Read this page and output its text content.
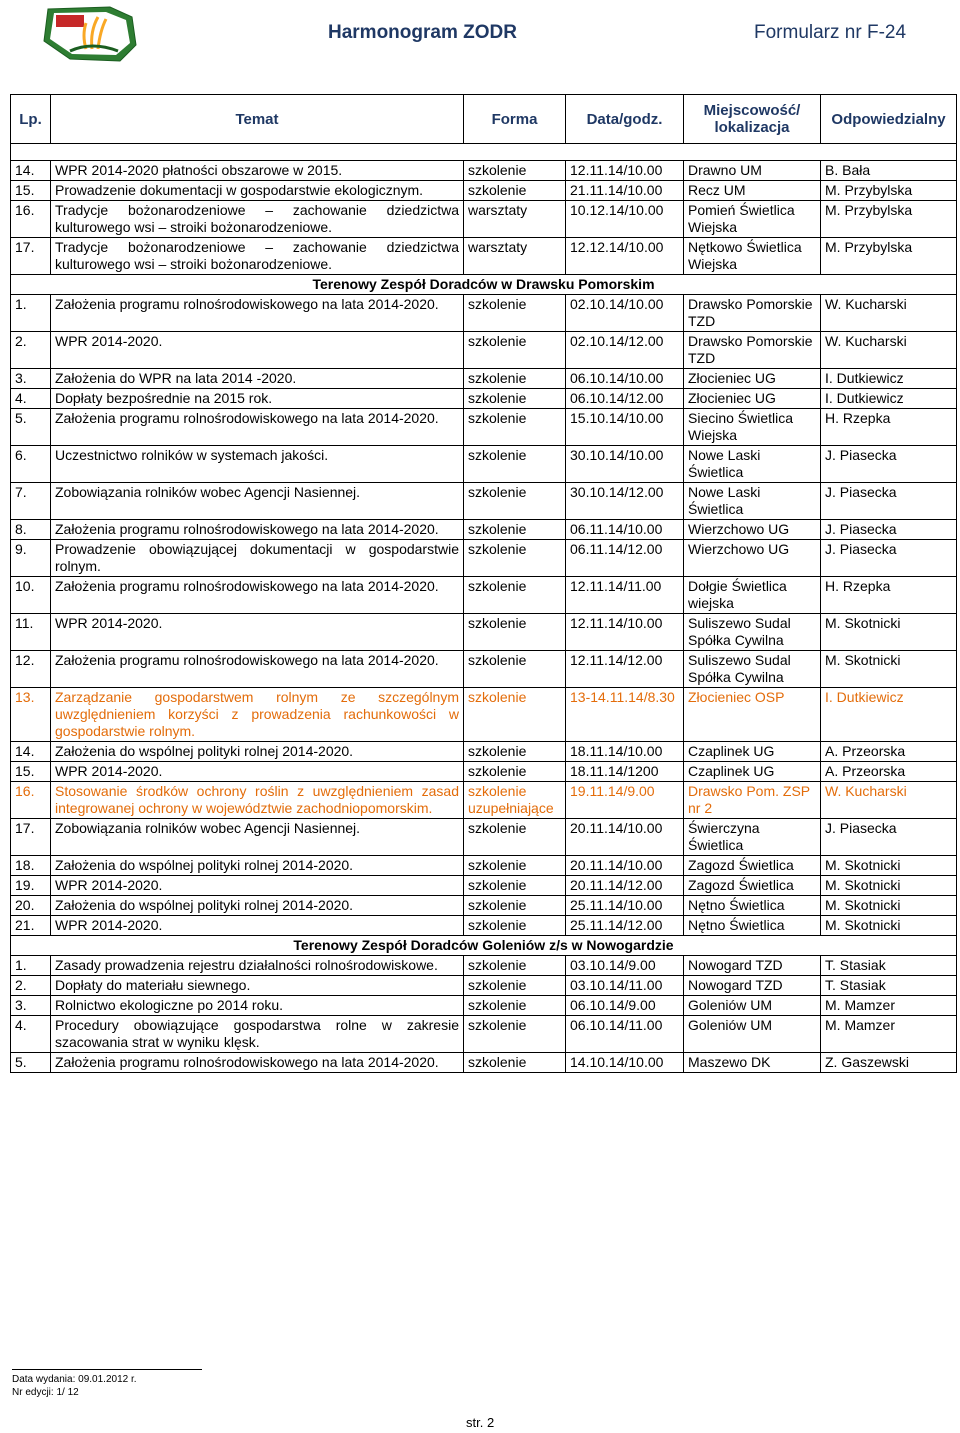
Harmonogram ZODR	Formularz nr F-24
Lp.	Temat	Forma	Data/godz.	Miejscowość/ lokalizacja	Odpowiedzialny

14.	WPR 2014-2020 płatności obszarowe w 2015.	szkolenie	12.11.14/10.00	Drawno UM	B. Bała
15.	Prowadzenie dokumentacji w gospodarstwie ekologicznym.	szkolenie	21.11.14/10.00	Recz UM	M. Przybylska
16.	Tradycje bożonarodzeniowe – zachowanie dziedzictwa kulturowego wsi – stroiki bożonarodzeniowe.	warsztaty	10.12.14/10.00	Pomień Świetlica Wiejska	M. Przybylska
17.	Tradycje bożonarodzeniowe – zachowanie dziedzictwa kulturowego wsi – stroiki bożonarodzeniowe.	warsztaty	12.12.14/10.00	Nętkowo Świetlica Wiejska	M. Przybylska
Terenowy Zespół Doradców w Drawsku Pomorskim					
1.	Założenia programu rolnośrodowiskowego na lata 2014-2020.	szkolenie	02.10.14/10.00	Drawsko Pomorskie TZD	W. Kucharski
2.	WPR 2014-2020.	szkolenie	02.10.14/12.00	Drawsko Pomorskie TZD	W. Kucharski
3.	Założenia do WPR na lata 2014 -2020.	szkolenie	06.10.14/10.00	Złocieniec UG	I. Dutkiewicz
4.	Dopłaty bezpośrednie na 2015 rok.	szkolenie	06.10.14/12.00	Złocieniec UG	I. Dutkiewicz
5.	Założenia programu rolnośrodowiskowego na lata 2014-2020.	szkolenie	15.10.14/10.00	Siecino Świetlica Wiejska	H. Rzepka
6.	Uczestnictwo rolników w systemach jakości.	szkolenie	30.10.14/10.00	Nowe Laski Świetlica	J. Piasecka
7.	Zobowiązania rolników wobec Agencji Nasiennej.	szkolenie	30.10.14/12.00	Nowe Laski Świetlica	J. Piasecka
8.	Założenia programu rolnośrodowiskowego na lata 2014-2020.	szkolenie	06.11.14/10.00	Wierzchowo UG	J. Piasecka
9.	Prowadzenie obowiązującej dokumentacji w gospodarstwie rolnym.	szkolenie	06.11.14/12.00	Wierzchowo UG	J. Piasecka
10.	Założenia programu rolnośrodowiskowego na lata 2014-2020.	szkolenie	12.11.14/11.00	Dołgie Świetlica wiejska	H. Rzepka
11.	WPR 2014-2020.	szkolenie	12.11.14/10.00	Suliszewo Sudal Spółka Cywilna	M. Skotnicki
12.	Założenia programu rolnośrodowiskowego na lata 2014-2020.	szkolenie	12.11.14/12.00	Suliszewo Sudal Spółka Cywilna	M. Skotnicki
13.	Zarządzanie gospodarstwem rolnym ze szczególnym uwzględnieniem korzyści z prowadzenia rachunkowości w gospodarstwie rolnym.	szkolenie	13-14.11.14/8.30	Złocieniec OSP	I. Dutkiewicz
14.	Założenia do wspólnej polityki rolnej 2014-2020.	szkolenie	18.11.14/10.00	Czaplinek UG	A. Przeorska
15.	WPR 2014-2020.	szkolenie	18.11.14/1200	Czaplinek UG	A. Przeorska
16.	Stosowanie środków ochrony roślin z uwzględnieniem zasad integrowanej ochrony w województwie zachodniopomorskim.	szkolenie uzupełniające	19.11.14/9.00	Drawsko Pom. ZSP nr 2	W. Kucharski
17.	Zobowiązania rolników wobec Agencji Nasiennej.	szkolenie	20.11.14/10.00	Świerczyna Świetlica	J. Piasecka
18.	Założenia do wspólnej polityki rolnej 2014-2020.	szkolenie	20.11.14/10.00	Zagozd Świetlica	M. Skotnicki
19.	WPR 2014-2020.	szkolenie	20.11.14/12.00	Zagozd Świetlica	M. Skotnicki
20.	Założenia do wspólnej polityki rolnej 2014-2020.	szkolenie	25.11.14/10.00	Nętno Świetlica	M. Skotnicki
21.	WPR 2014-2020.	szkolenie	25.11.14/12.00	Nętno Świetlica	M. Skotnicki
Terenowy Zespół Doradców Goleniów z/s w Nowogardzie					
1.	Zasady prowadzenia rejestru działalności rolnośrodowiskowe.	szkolenie	03.10.14/9.00	Nowogard TZD	T. Stasiak
2.	Dopłaty do materiału siewnego.	szkolenie	03.10.14/11.00	Nowogard TZD	T. Stasiak
3.	Rolnictwo ekologiczne po 2014 roku.	szkolenie	06.10.14/9.00	Goleniów UM	M. Mamzer
4.	Procedury obowiązujące gospodarstwa rolne w zakresie szacowania strat w wyniku klęsk.	szkolenie	06.10.14/11.00	Goleniów UM	M. Mamzer
5.	Założenia programu rolnośrodowiskowego na lata 2014-2020.	szkolenie	14.10.14/10.00	Maszewo DK	Z. Gaszewski
Data wydania: 09.01.2012 r.
Nr edycji: 1/ 12
str. 2
